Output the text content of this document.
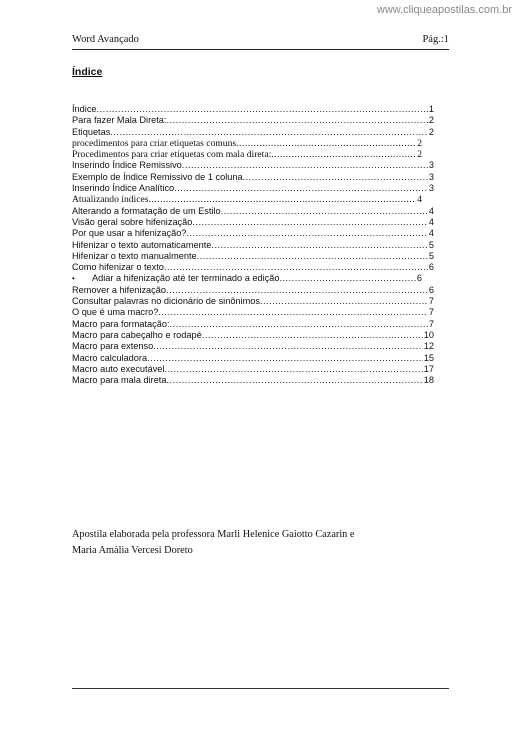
www.cliqueapostilas.com.br
Word Avançado	Pág.:1
Índice
Índice .....	1
Para fazer Mala Direta: .....	2
Etiquetas .....	2
procedimentos para criar etiquetas comuns .....	2
Procedimentos para criar etiquetas com mala direta: .....	2
Inserindo Índice Remissivo .....	3
Exemplo de Índice Remissivo de 1 coluna .....	3
Inserindo Índice Analítico .....	3
Atualizando índices .....	4
Alterando a formatação de um Estilo .....	4
Visão geral sobre hifenização .....	4
Por que usar a hifenização? .....	4
Hifenizar o texto automaticamente .....	5
Hifenizar o texto manualmente .....	5
Como hifenizar o texto .....	6
•	Adiar a hifenização até ter terminado a edição .....	6
Remover a hifenização .....	6
Consultar palavras no dicionário de sinônimos .....	7
O que é uma macro? .....	7
Macro para formatação: .....	7
Macro para cabeçalho e rodapé .....	10
Macro para extenso .....	12
Macro calculadora .....	15
Macro auto executável .....	17
Macro para mala direta .....	18
Apostila elaborada pela professora Marli Helenice Gaiotto Cazarin e
Maria Amália Vercesi Doreto
